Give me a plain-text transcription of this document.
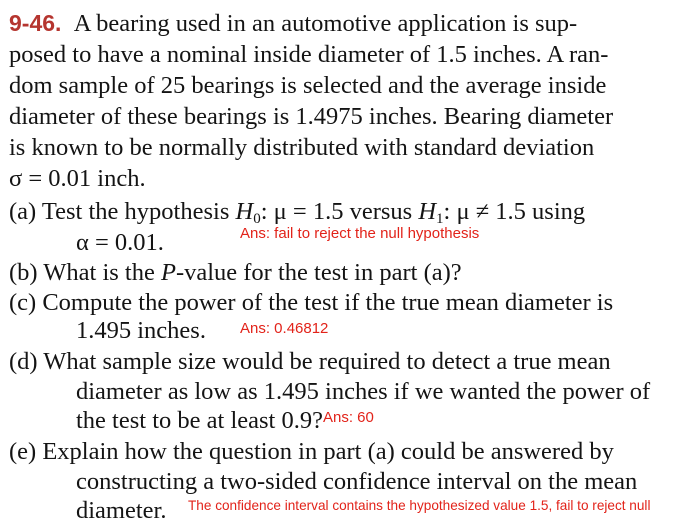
9-46. A bearing used in an automotive application is sup-
posed to have a nominal inside diameter of 1.5 inches. A ran-
dom sample of 25 bearings is selected and the average inside
diameter of these bearings is 1.4975 inches. Bearing diameter
is known to be normally distributed with standard deviation
σ = 0.01 inch.
(a) Test the hypothesis $H_0$: μ = 1.5 versus $H_1$: μ ≠ 1.5 using
α = 0.01.	Ans: fail to reject the null hypothesis
(b) What is the P-value for the test in part (a)?
(c) Compute the power of the test if the true mean diameter is
1.495 inches. Ans: 0.46812
(d) What sample size would be required to detect a true mean
diameter as low as 1.495 inches if we wanted the power of
the test to be at least 0.9?$^{Ans: 60}$
(e) Explain how the question in part (a) could be answered by
constructing a two-sided confidence interval on the mean
diameter. The confidence interval contains the hypothesized value 1.5, fail to reject null
